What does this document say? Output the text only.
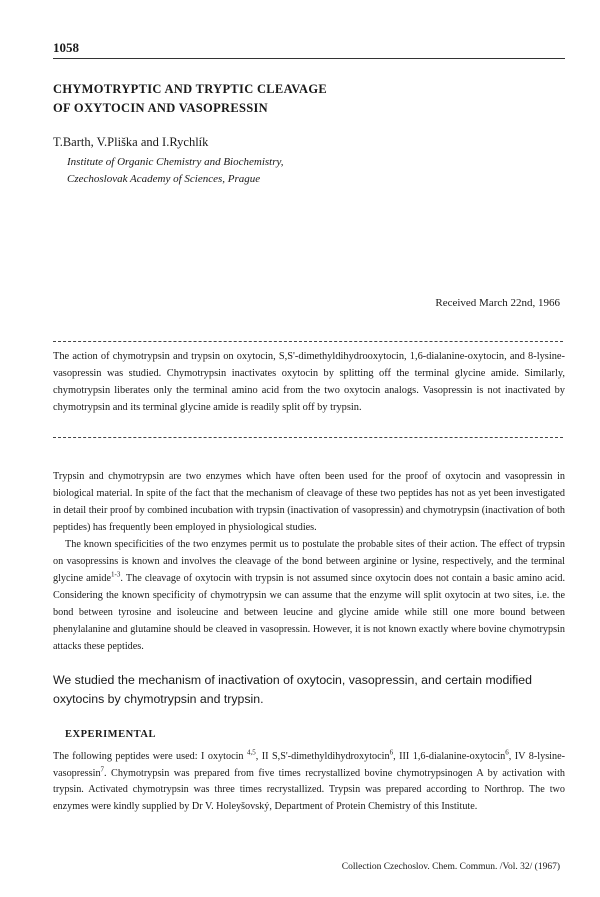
1058
CHYMOTRYPTIC AND TRYPTIC CLEAVAGE
OF OXYTOCIN AND VASOPRESSIN
T.Barth, V.Pliška and I.Rychlík
Institute of Organic Chemistry and Biochemistry,
Czechoslovak Academy of Sciences, Prague
Received March 22nd, 1966
The action of chymotrypsin and trypsin on oxytocin, S,S'-dimethyldihydrooxytocin, 1,6-dialanine-oxytocin, and 8-lysine-vasopressin was studied. Chymotrypsin inactivates oxytocin by splitting off the terminal glycine amide. Similarly, chymotrypsin liberates only the terminal amino acid from the two oxytocin analogs. Vasopressin is not inactivated by chymotrypsin and its terminal glycine amide is readily split off by trypsin.

Trypsin and chymotrypsin are two enzymes which have often been used for the proof of oxytocin and vasopressin in biological material. In spite of the fact that the mechanism of cleavage of these two peptides has not as yet been investigated in detail their proof by combined incubation with trypsin (inactivation of vasopressin) and chymotrypsin (inactivation of both peptides) has frequently been employed in physiological studies.

The known specificities of the two enzymes permit us to postulate the probable sites of their action. The effect of trypsin on vasopressins is known and involves the cleavage of the bond between arginine or lysine, respectively, and the terminal glycine amide$^{1-3}$. The cleavage of oxytocin with trypsin is not assumed since oxytocin does not contain a basic amino acid. Considering the known specificity of chymotrypsin we can assume that the enzyme will split oxytocin at two sites, i.e. the bond between tyrosine and isoleucine and between leucine and glycine amide while still one more bound between phenylalanine and glutamine should be cleaved in vasopressin. However, it is not known exactly where bovine chymotrypsin attacks these peptides.

We studied the mechanism of inactivation of oxytocin, vasopressin, and certain modified oxytocins by chymotrypsin and trypsin.
EXPERIMENTAL
The following peptides were used: I oxytocin $^{4,5}$, II S,S'-dimethyldihydroxytocin$^6$, III 1,6-dialanine-oxytocin$^6$, IV 8-lysine-vasopressin$^7$. Chymotrypsin was prepared from five times recrystallized bovine chymotrypsinogen A by activation with trypsin. Activated chymotrypsin was three times recrystallized. Trypsin was prepared according to Northrop. The two enzymes were kindly supplied by Dr V. Holeyšovský, Department of Protein Chemistry of this Institute.
Collection Czechoslov. Chem. Commun. /Vol. 32/ (1967)
